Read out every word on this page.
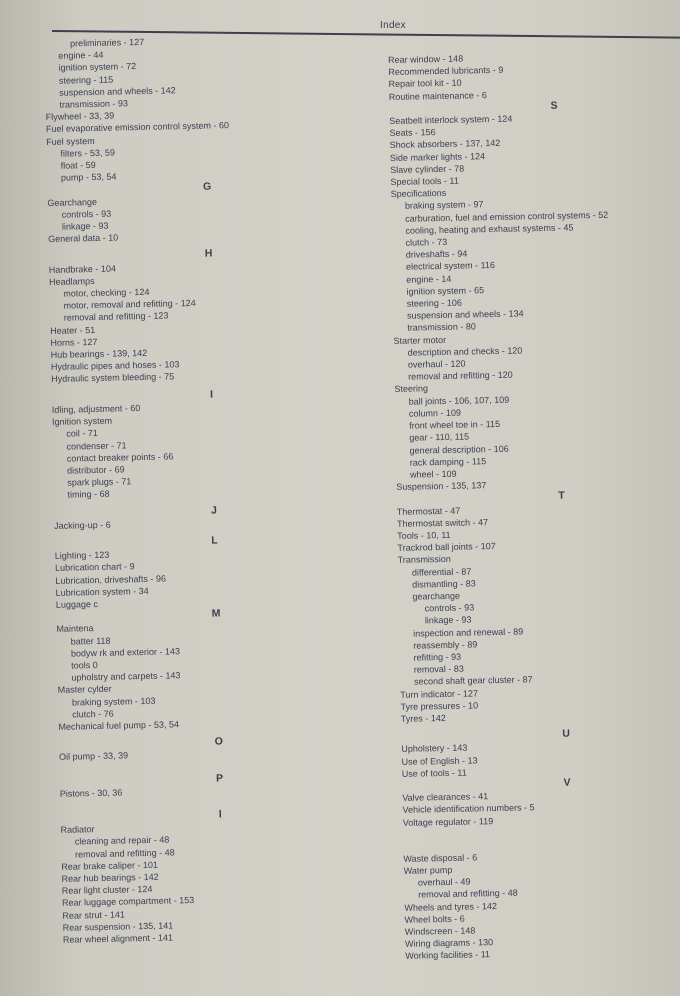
Index
preliminaries - 127
engine - 44
ignition system - 72
steering - 115
suspension and wheels - 142
transmission - 93
Flywheel - 33, 39
Fuel evaporative emission control system - 60
Fuel system
filters - 53, 59
float - 59
pump - 53, 54
G
Gearchange
controls - 93
linkage - 93
General data - 10
H
Handbrake - 104
Headlamps
motor, checking - 124
motor, removal and refitting - 124
removal and refitting - 123
Heater - 51
Horns - 127
Hub bearings - 139, 142
Hydraulic pipes and hoses - 103
Hydraulic system bleeding - 75
I
Idling, adjustment - 60
Ignition system
coil - 71
condenser - 71
contact breaker points - 66
distributor - 69
spark plugs - 71
timing - 68
J
Jacking-up - 6
L
Lighting - 123
Lubrication chart - 9
Lubrication, driveshafts - 96
Lubrication system - 34
Luggage c
M
Maintena
batter 118
bodyw rk and exterior - 143
tools 0
upholstry and carpets - 143
Master cylder
braking system - 103
clutch - 76
Mechanical fuel pump - 53, 54
O
Oil pump - 33, 39
P
Pistons - 30, 36
l
Radiator
cleaning and repair - 48
removal and refitting - 48
Rear brake caliper - 101
Rear hub bearings - 142
Rear light cluster - 124
Rear luggage compartment - 153
Rear strut - 141
Rear suspension - 135, 141
Rear wheel alignment - 141
Rear window - 148
Recommended lubricants - 9
Repair tool kit - 10
Routine maintenance - 6
S
Seatbelt interlock system - 124
Seats - 156
Shock absorbers - 137, 142
Side marker lights - 124
Slave cylinder - 78
Special tools - 11
Specifications
braking system - 97
carburation, fuel and emission control systems - 52
cooling, heating and exhaust systems - 45
clutch - 73
driveshafts - 94
electrical system - 116
engine - 14
ignition system - 65
steering - 106
suspension and wheels - 134
transmission - 80
Starter motor
description and checks - 120
overhaul - 120
removal and refitting - 120
Steering
ball joints - 106, 107, 109
column - 109
front wheel toe in - 115
gear - 110, 115
general description - 106
rack damping - 115
wheel - 109
Suspension - 135, 137
T
Thermostat - 47
Thermostat switch - 47
Tools - 10, 11
Trackrod ball joints - 107
Transmission
differential - 87
dismantling - 83
gearchange
controls - 93
linkage - 93
inspection and renewal - 89
reassembly - 89
refitting - 93
removal - 83
second shaft gear cluster - 87
Turn indicator - 127
Tyre pressures - 10
Tyres - 142
U
Upholstery - 143
Use of English - 13
Use of tools - 11
V
Valve clearances - 41
Vehicle identification numbers - 5
Voltage regulator - 119
Waste disposal - 6
Water pump
overhaul - 49
removal and refitting - 48
Wheels and tyres - 142
Wheel bolts - 6
Windscreen - 148
Wiring diagrams - 130
Working facilities - 11
